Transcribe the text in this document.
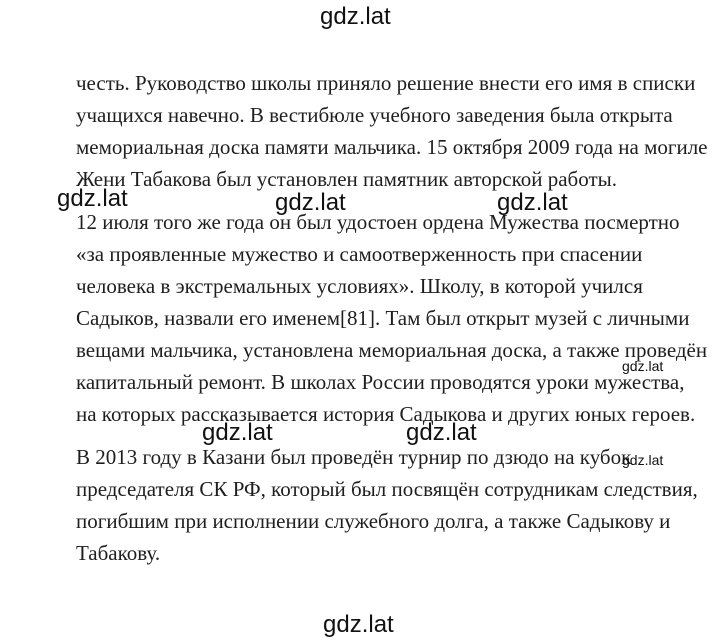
честь. Руководство школы приняло решение внести его имя в списки
учащихся навечно. В вестибюле учебного заведения была открыта
мемориальная доска памяти мальчика. 15 октября 2009 года на могиле
Жени Табакова был установлен памятник авторской работы.
12 июля того же года он был удостоен ордена Мужества посмертно
«за проявленные мужество и самоотверженность при спасении
человека в экстремальных условиях». Школу, в которой учился
Садыков, назвали его именем[81]. Там был открыт музей с личными
вещами мальчика, установлена мемориальная доска, а также проведён
капитальный ремонт. В школах России проводятся уроки мужества,
на которых рассказывается история Садыкова и других юных героев.
В 2013 году в Казани был проведён турнир по дзюдо на кубок
председателя СК РФ, который был посвящён сотрудникам следствия,
погибшим при исполнении служебного долга, а также Садыкову и
Табакову.
gdz.lat
gdz.lat	gdz.lat	gdz.lat
gdz.lat
gdz.lat	gdz.lat
gdz.lat
gdz.lat
